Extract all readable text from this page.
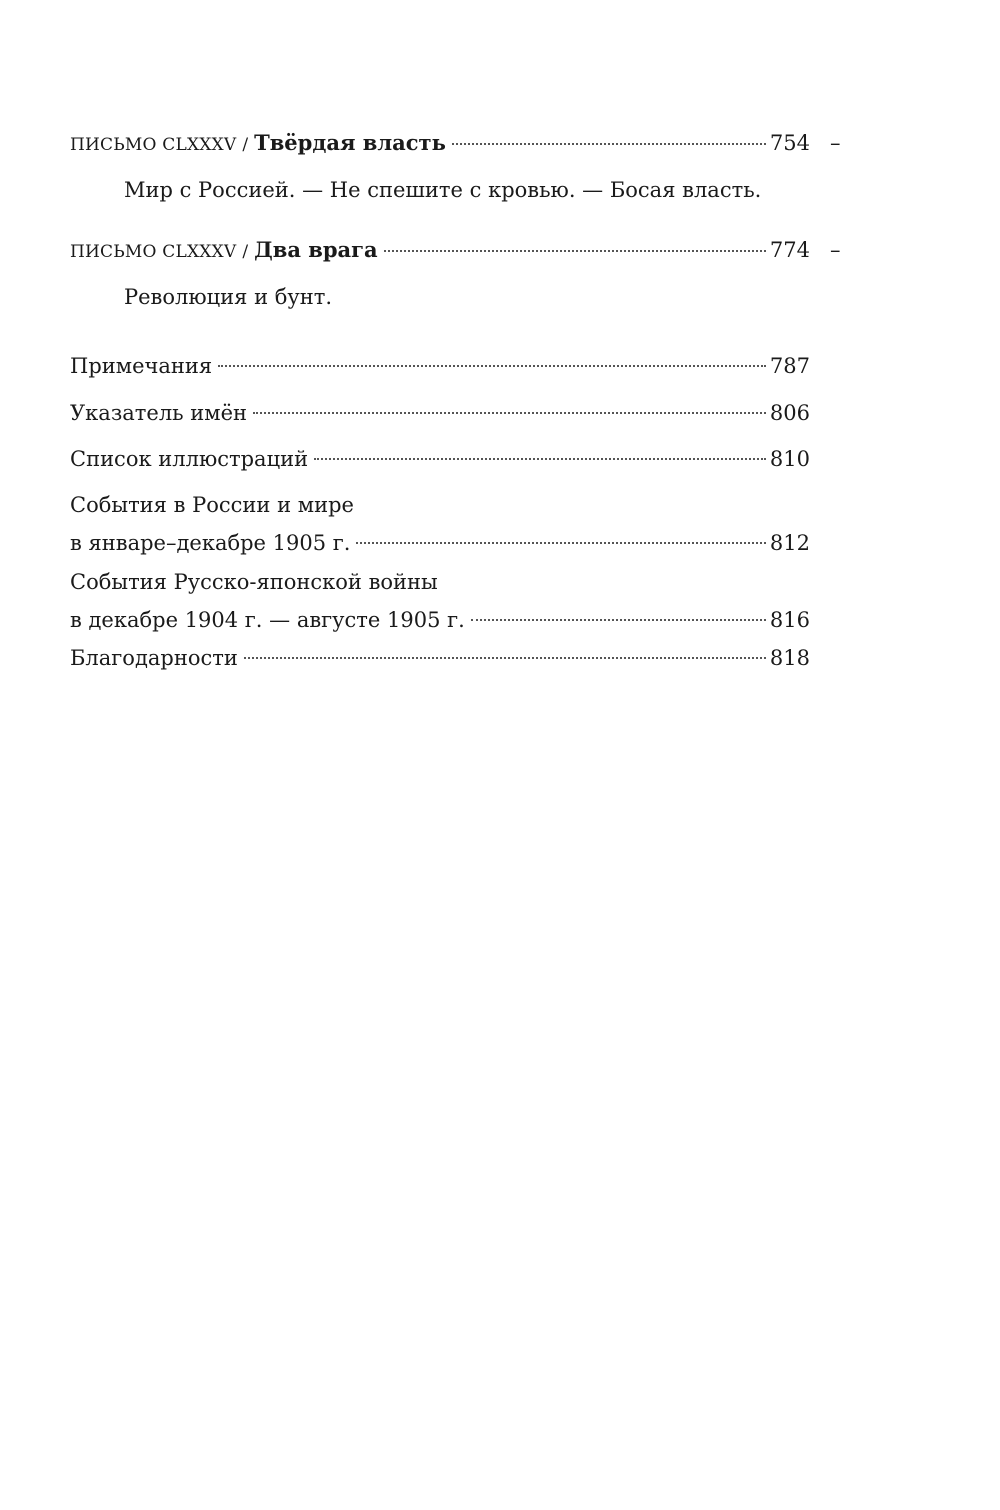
ПИСЬМО CLXXXV / Твёрдая власть	754
Мир с Россией. — Не спешите с кровью. — Босая власть.
–
ПИСЬМО CLXXXV / Два врага	774
Революция и бунт.
–
Примечания	787
Указатель имён	806
Список иллюстраций	810
События в России и мире
в январе–декабре 1905 г.	812
События Русско-японской войны
в декабре 1904 г. — августе 1905 г.	816
Благодарности	818
